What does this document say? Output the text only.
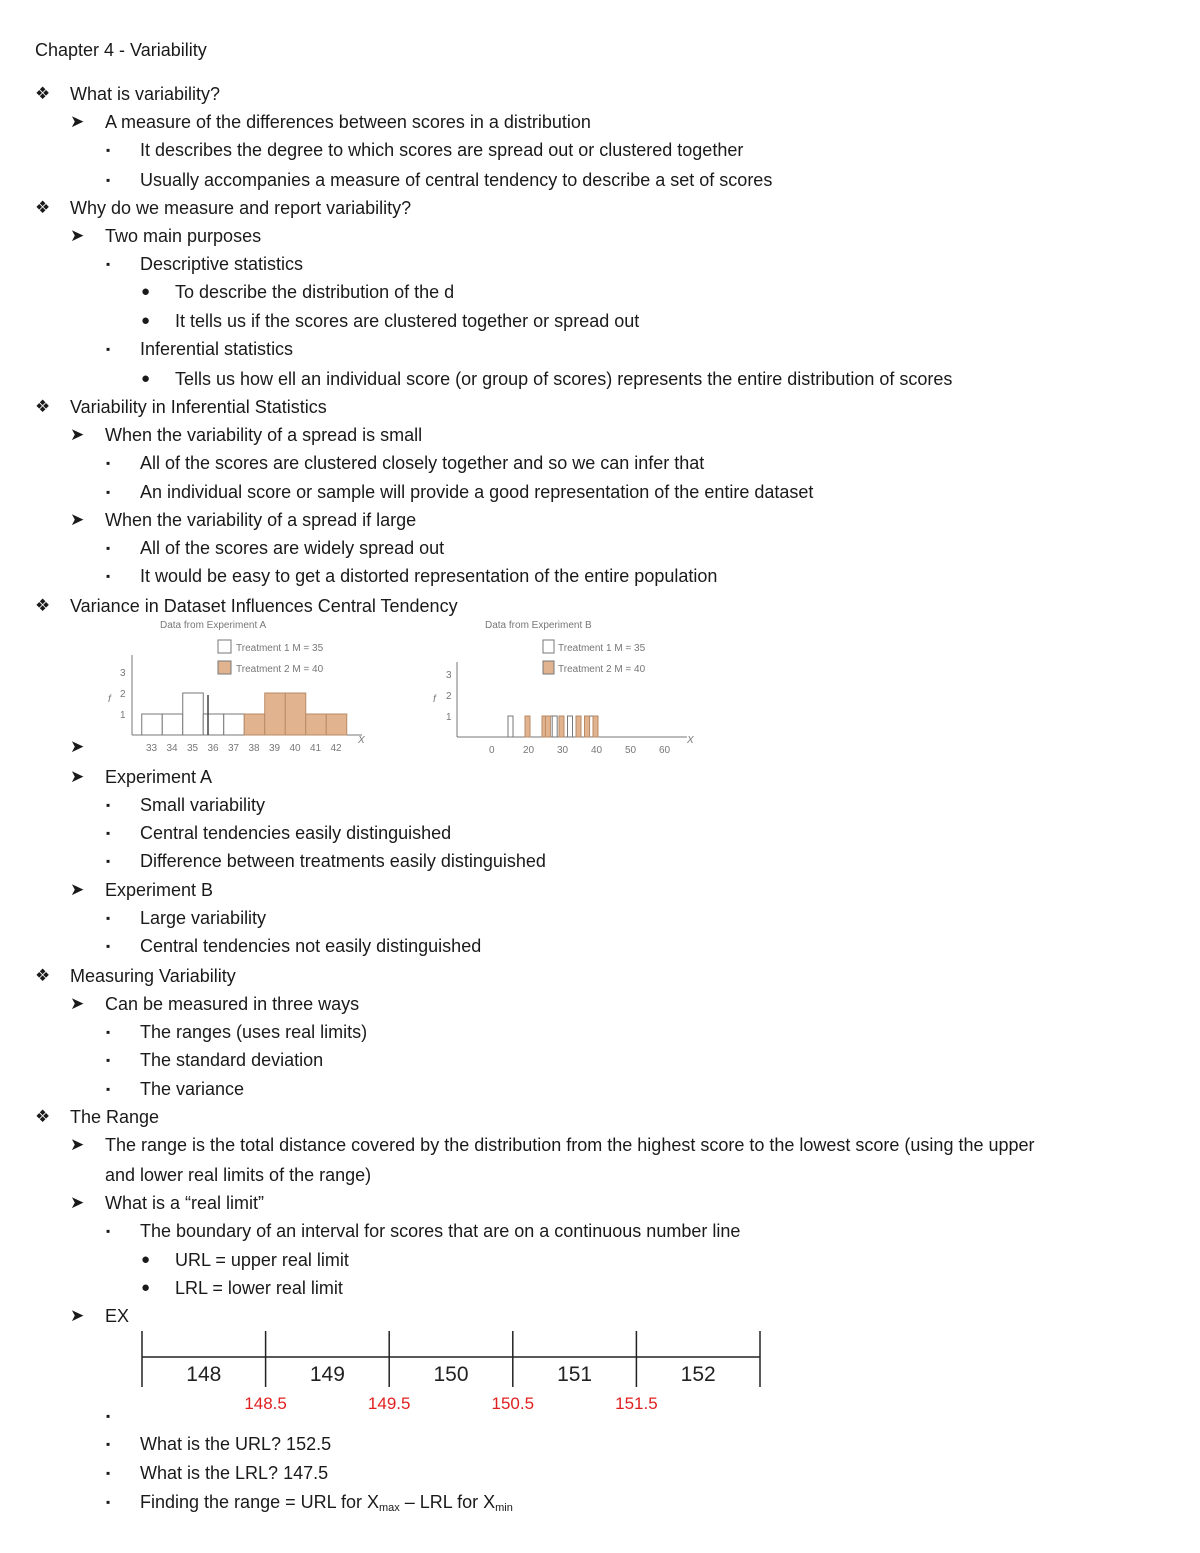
Chapter 4 - Variability
❖ What is variability?
➤ A measure of the differences between scores in a distribution
▪ It describes the degree to which scores are spread out or clustered together
▪ Usually accompanies a measure of central tendency to describe a set of scores
❖ Why do we measure and report variability?
➤ Two main purposes
▪ Descriptive statistics
● To describe the distribution of the d
● It tells us if the scores are clustered together or spread out
▪ Inferential statistics
● Tells us how ell an individual score (or group of scores) represents the entire distribution of scores
❖ Variability in Inferential Statistics
➤ When the variability of a spread is small
▪ All of the scores are clustered closely together and so we can infer that
▪ An individual score or sample will provide a good representation of the entire dataset
➤ When the variability of a spread if large
▪ All of the scores are widely spread out
▪ It would be easy to get a distorted representation of the entire population
❖ Variance in Dataset Influences Central Tendency
➤
➤ Experiment A
▪ Small variability
▪ Central tendencies easily distinguished
▪ Difference between treatments easily distinguished
➤ Experiment B
▪ Large variability
▪ Central tendencies not easily distinguished
❖ Measuring Variability
➤ Can be measured in three ways
▪ The ranges (uses real limits)
▪ The standard deviation
▪ The variance
❖ The Range
➤ The range is the total distance covered by the distribution from the highest score to the lowest score (using the upper
and lower real limits of the range)
➤ What is a “real limit”
▪ The boundary of an interval for scores that are on a continuous number line
● URL = upper real limit
● LRL = lower real limit
➤ EX
▪
▪ What is the URL? 152.5
▪ What is the LRL? 147.5
Data from Experiment A
Treatment 1 M = 35
Treatment 2 M = 40
X
f
1
2
3
33 34 35 36 37 38 39 40 41 42
Data from Experiment B
Treatment 1 M = 35
Treatment 2 M = 40
X
f
1
2
3
0	20 30 40 50 60
148	149	150	151	152
148.5	149.5	150.5	151.5
▪ Finding the range = URL for $X_{max}$ – LRL for $X_{min}$
